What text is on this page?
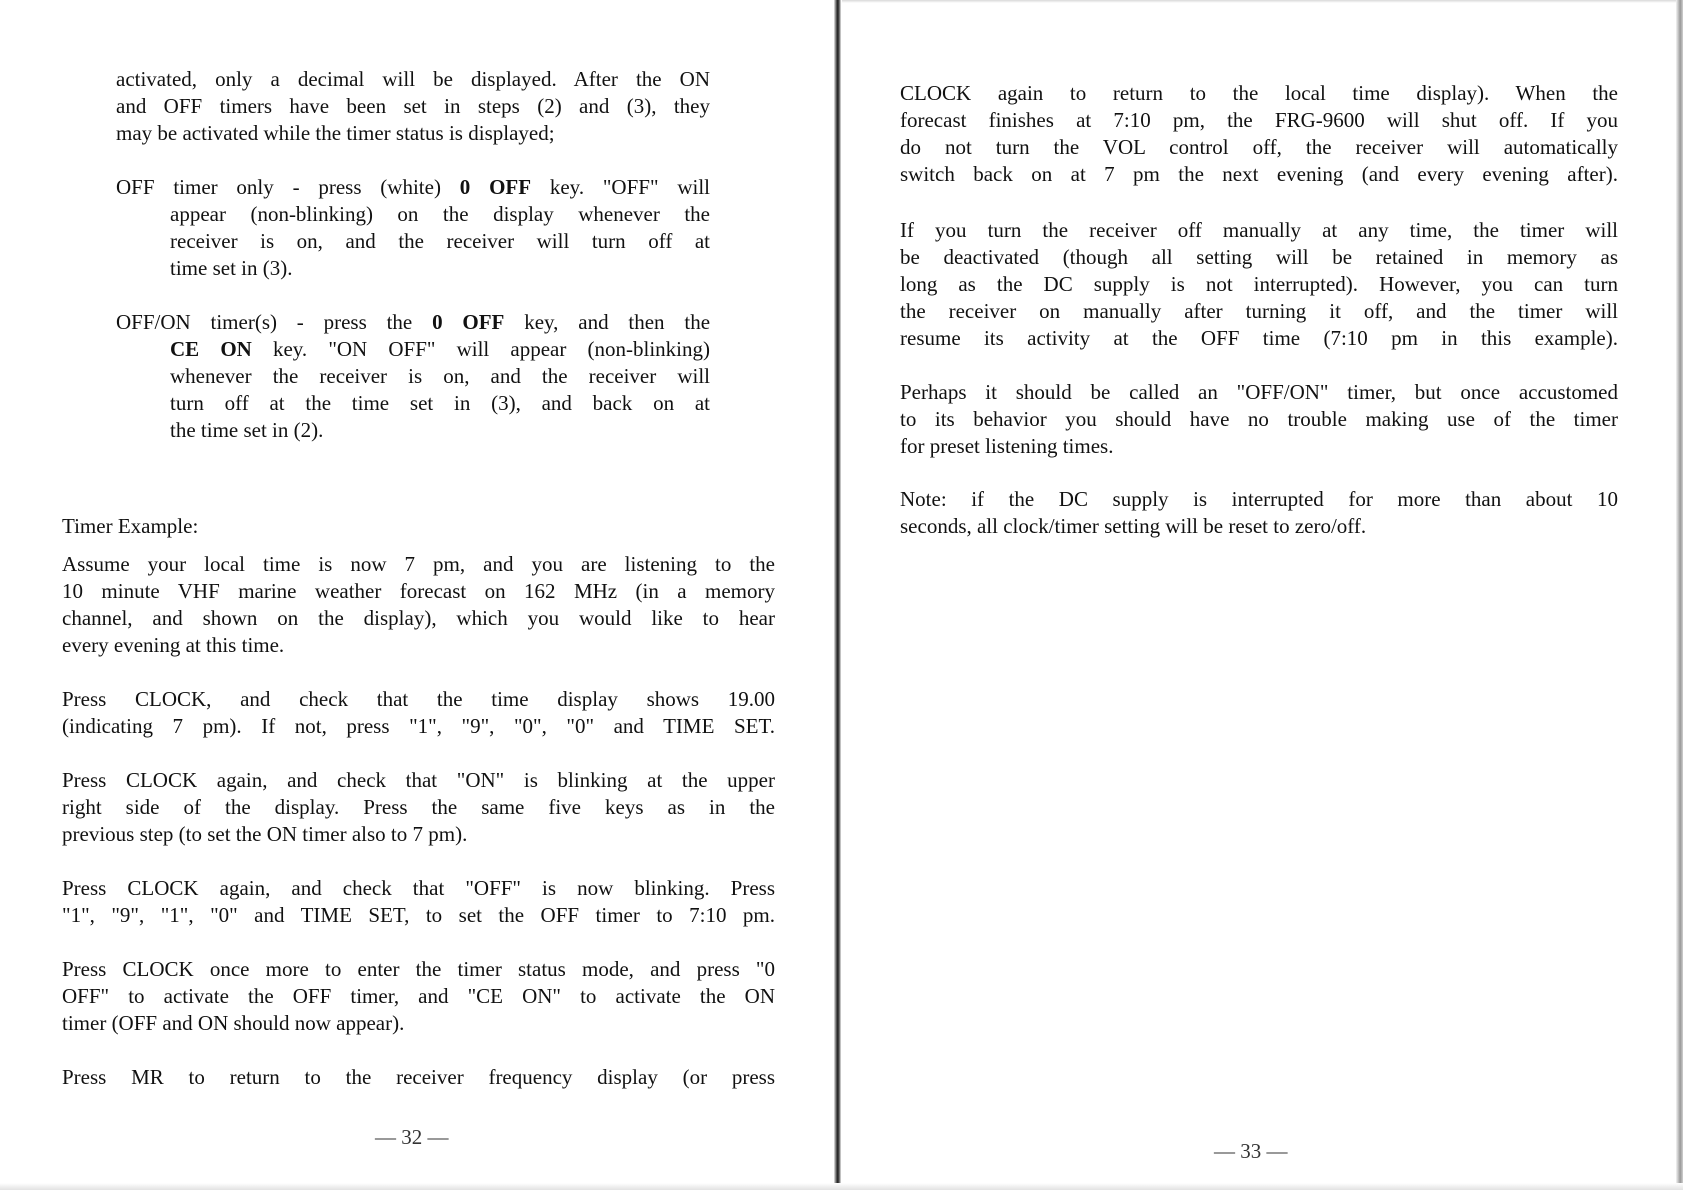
activated, only a decimal will be displayed. After the ON
and OFF timers have been set in steps (2) and (3), they
may be activated while the timer status is displayed;
OFF timer only - press (white) 0 OFF key. "OFF" will
appear (non-blinking) on the display whenever the
receiver is on, and the receiver will turn off at
time set in (3).
OFF/ON timer(s) - press the 0 OFF key, and then the
CE ON key. "ON OFF" will appear (non-blinking)
whenever the receiver is on, and the receiver will
turn off at the time set in (3), and back on at
the time set in (2).
Timer Example:
Assume your local time is now 7 pm, and you are listening to the
10 minute VHF marine weather forecast on 162 MHz (in a memory
channel, and shown on the display), which you would like to hear
every evening at this time.
Press CLOCK, and check that the time display shows 19.00
(indicating 7 pm). If not, press "1", "9", "0", "0" and TIME SET.
Press CLOCK again, and check that "ON" is blinking at the upper
right side of the display. Press the same five keys as in the
previous step (to set the ON timer also to 7 pm).
Press CLOCK again, and check that "OFF" is now blinking. Press
"1", "9", "1", "0" and TIME SET, to set the OFF timer to 7:10 pm.
Press CLOCK once more to enter the timer status mode, and press "0
OFF" to activate the OFF timer, and "CE ON" to activate the ON
timer (OFF and ON should now appear).
Press MR to return to the receiver frequency display (or press
— 32 —
CLOCK again to return to the local time display). When the
forecast finishes at 7:10 pm, the FRG-9600 will shut off. If you
do not turn the VOL control off, the receiver will automatically
switch back on at 7 pm the next evening (and every evening after).
If you turn the receiver off manually at any time, the timer will
be deactivated (though all setting will be retained in memory as
long as the DC supply is not interrupted). However, you can turn
the receiver on manually after turning it off, and the timer will
resume its activity at the OFF time (7:10 pm in this example).
Perhaps it should be called an "OFF/ON" timer, but once accustomed
to its behavior you should have no trouble making use of the timer
for preset listening times.
Note: if the DC supply is interrupted for more than about 10
seconds, all clock/timer setting will be reset to zero/off.
— 33 —
